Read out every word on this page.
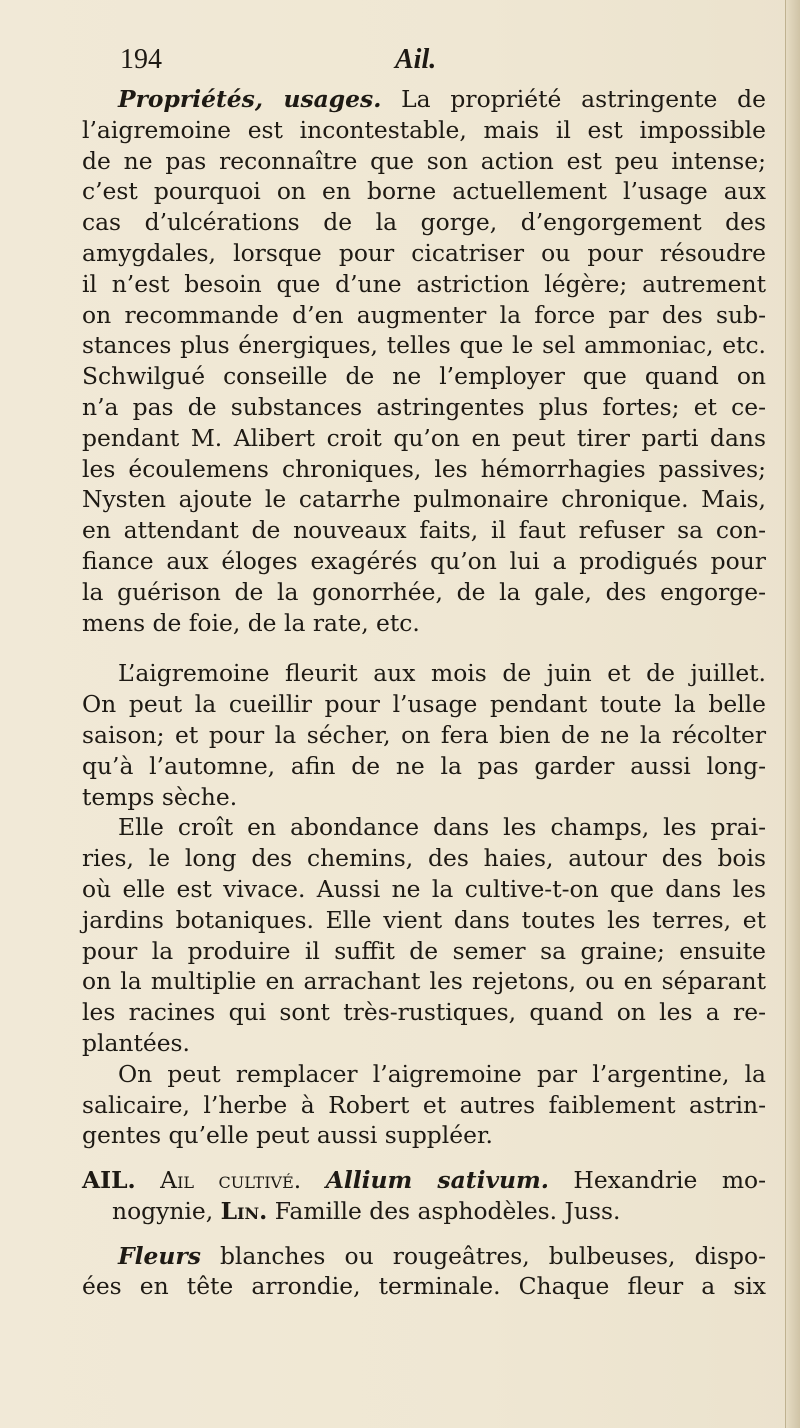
194	Ail.
Propriétés, usages. La propriété astringente de
l’aigremoine est incontestable, mais il est impossible
de ne pas reconnaître que son action est peu intense;
c’est pourquoi on en borne actuellement l’usage aux
cas d’ulcérations de la gorge, d’engorgement des
amygdales, lorsque pour cicatriser ou pour résoudre
il n’est besoin que d’une astriction légère; autrement
on recommande d’en augmenter la force par des sub-
stances plus énergiques, telles que le sel ammoniac, etc.
Schwilgué conseille de ne l’employer que quand on
n’a pas de substances astringentes plus fortes; et ce-
pendant M. Alibert croit qu’on en peut tirer parti dans
les écoulemens chroniques, les hémorrhagies passives;
Nysten ajoute le catarrhe pulmonaire chronique. Mais,
en attendant de nouveaux faits, il faut refuser sa con-
fiance aux éloges exagérés qu’on lui a prodigués pour
la guérison de la gonorrhée, de la gale, des engorge-
mens de foie, de la rate, etc.
L’aigremoine fleurit aux mois de juin et de juillet.
On peut la cueillir pour l’usage pendant toute la belle
saison; et pour la sécher, on fera bien de ne la récolter
qu’à l’automne, afin de ne la pas garder aussi long-
temps sèche.
Elle croît en abondance dans les champs, les prai-
ries, le long des chemins, des haies, autour des bois
où elle est vivace. Aussi ne la cultive-t-on que dans les
jardins botaniques. Elle vient dans toutes les terres, et
pour la produire il suffit de semer sa graine; ensuite
on la multiplie en arrachant les rejetons, ou en séparant
les racines qui sont très-rustiques, quand on les a re-
plantées.
On peut remplacer l’aigremoine par l’argentine, la
salicaire, l’herbe à Robert et autres faiblement astrin-
gentes qu’elle peut aussi suppléer.
AIL. Ail cultivé. Allium sativum. Hexandrie mo-
nogynie, Lin. Famille des asphodèles. Juss.
Fleurs blanches ou rougeâtres, bulbeuses, dispo-
ées en tête arrondie, terminale. Chaque fleur a six
